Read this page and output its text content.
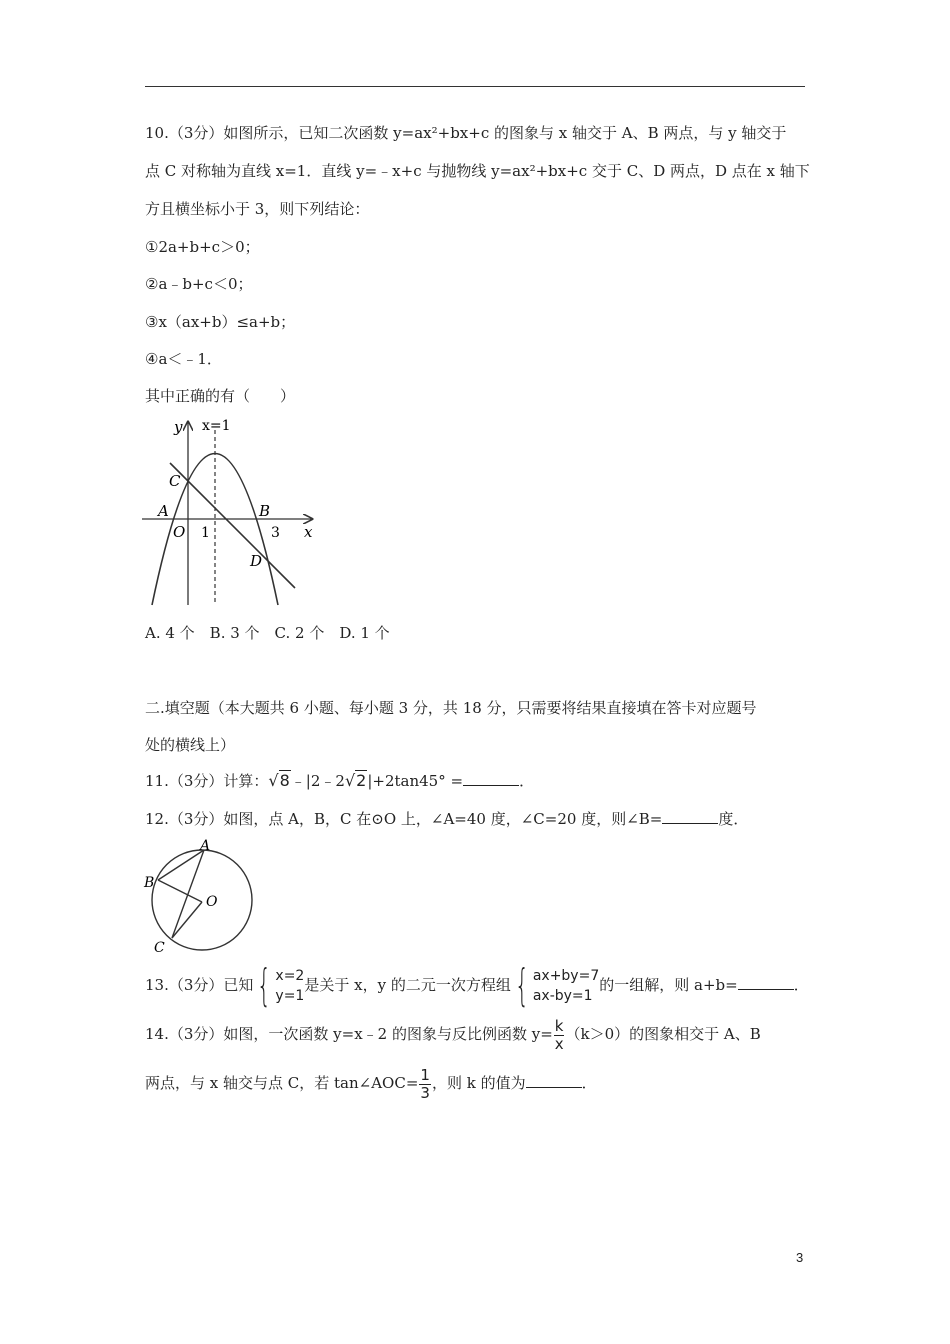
10.（3分）如图所示，已知二次函数 y=ax²+bx+c 的图象与 x 轴交于 A、B 两点，与 y 轴交于
点 C 对称轴为直线 x=1．直线 y=﹣x+c 与抛物线 y=ax²+bx+c 交于 C、D 两点，D 点在 x 轴下
方且横坐标小于 3，则下列结论：
①2a+b+c＞0；
②a﹣b+c＜0；
③x（ax+b）≤a+b；
④a＜﹣1．
其中正确的有（　　）
y x=1
C
A	B
O 1	3 x
D
A. 4 个　B. 3 个　C. 2 个　D. 1 个
二.填空题（本大题共 6 小题、每小题 3 分，共 18 分，只需要将结果直接填在答卡对应题号
处的横线上）
11.（3分）计算：√8﹣|2﹣2√2|+2tan45° =	．
12.（3分）如图，点 A，B，C 在⊙O 上，∠A=40 度，∠C=20 度，则∠B=	度．
A
B
O
C
13.（3分）已知{ x=2
y=1
是关于 x，y 的二元一次方程组{ ax+by=7
ax-by=1
的一组解，则 a+b=	．
14.（3分）如图，一次函数 y=x﹣2 的图象与反比例函数 $y= \frac{k}{x} (k>0)$的图象相交于 A、B
两点，与 x 轴交与点 C，若 tan∠AOC= $\frac{1}{3}$ ，则 k 的值为	．
3
